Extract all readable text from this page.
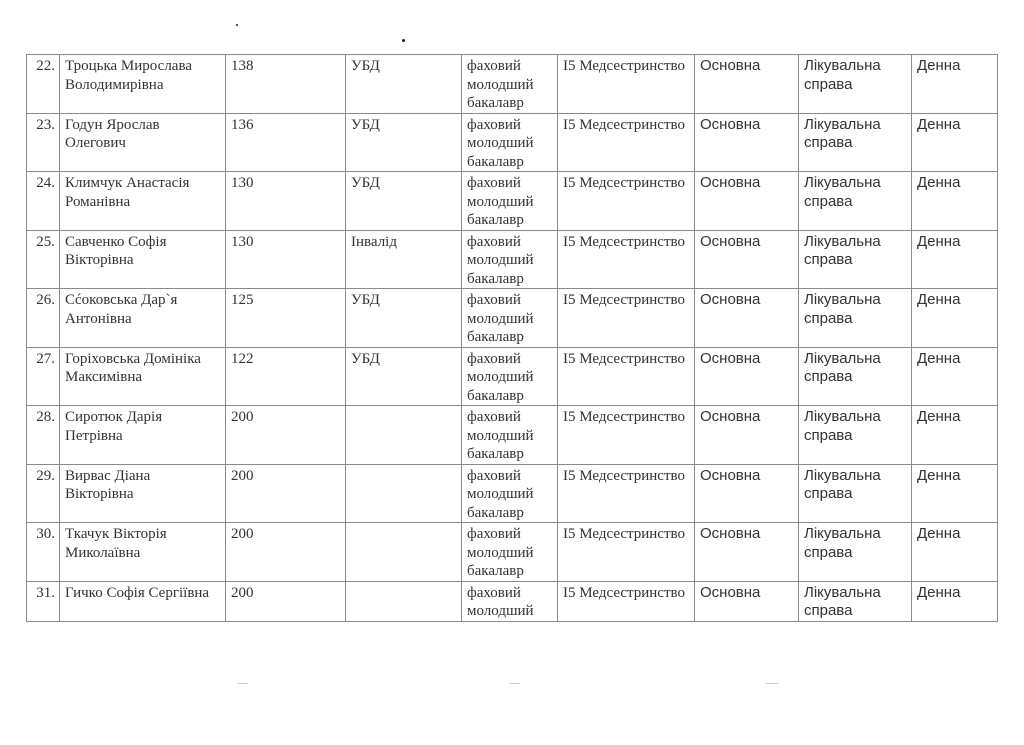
22.	Троцька Мирослава Володимирівна	138	УБД	фаховий молодший бакалавр	I5 Медсестринство	Основна	Лікувальна справа	Денна

23.	Годун Ярослав Олегович	136	УБД	фаховий молодший бакалавр	I5 Медсестринство	Основна	Лікувальна справа	Денна

24.	Климчук Анастасія Романівна	130	УБД	фаховий молодший бакалавр	I5 Медсестринство	Основна	Лікувальна справа	Денна

25.	Савченко Софія Вікторівна	130	Інвалід	фаховий молодший бакалавр	I5 Медсестринство	Основна	Лікувальна справа	Денна

26.	Сćоковська Дар`я Антонівна	125	УБД	фаховий молодший бакалавр	I5 Медсестринство	Основна	Лікувальна справа	Денна

27.	Горіховська Домініка Максимівна	122	УБД	фаховий молодший бакалавр	I5 Медсестринство	Основна	Лікувальна справа	Денна

28.	Сиротюк Дарія Петрівна	200		фаховий молодший бакалавр	I5 Медсестринство	Основна	Лікувальна справа	Денна

29.	Вирвас Діана Вікторівна	200		фаховий молодший бакалавр	I5 Медсестринство	Основна	Лікувальна справа	Денна

30.	Ткачук Вікторія Миколаївна	200		фаховий молодший бакалавр	I5 Медсестринство	Основна	Лікувальна справа	Денна

31.	Гичко Софія Сергіївна	200		фаховий молодший	I5 Медсестринство	Основна	Лікувальна справа	Денна
